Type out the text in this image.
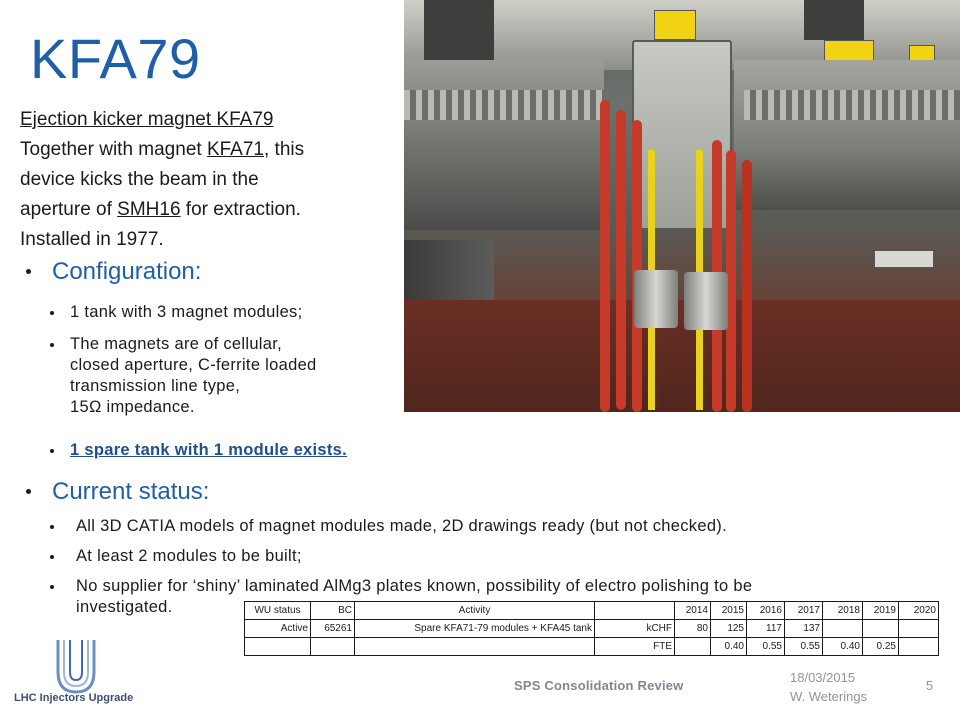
KFA79
Ejection kicker magnet KFA79
Together with magnet KFA71, this
device kicks the beam in the
aperture of SMH16 for extraction.
Installed in 1977.
Configuration:
1 tank with 3 magnet modules;
The magnets are of cellular,
closed aperture, C-ferrite loaded
transmission line type,
15Ω impedance.
1 spare tank with 1 module exists.
Current status:
All 3D CATIA models of magnet modules made, 2D drawings ready (but not checked).
At least 2 modules to be built;
No supplier for ‘shiny’ laminated AlMg3 plates known, possibility of electro polishing to be
investigated.	WU status	BC	Activity		2014	2015	2016	2017	2018	2019	2020
Active	65261	Spare KFA71-79 modules + KFA45 tank	kCHF	80	125	117	137			
			FTE		0.40	0.55	0.55	0.40	0.25	
LHC Injectors Upgrade
SPS Consolidation Review
18/03/2015
W. Weterings
5
